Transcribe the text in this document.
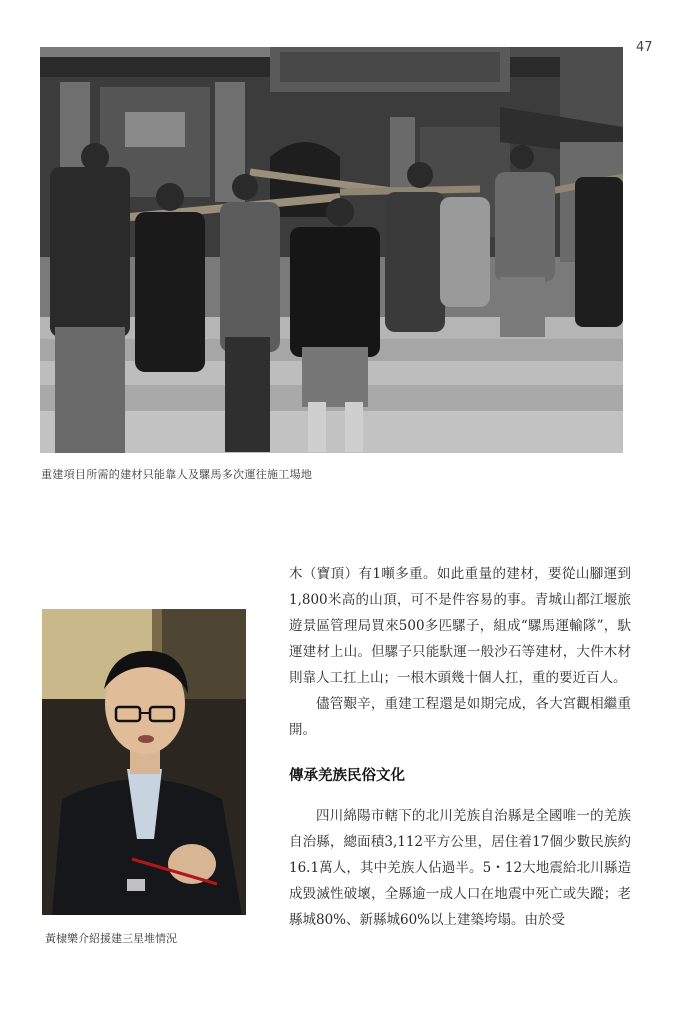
47
重建項目所需的建材只能靠人及騾馬多次運往施工場地
黃棣樂介紹援建三星堆情況

木（寶頂）有1噸多重。如此重量的建材，要從山腳運到1,800米高的山頂，可不是件容易的事。青城山都江堰旅遊景區管理局買來500多匹騾子，組成“騾馬運輸隊”，馱運建材上山。但騾子只能馱運一般沙石等建材，大件木材則靠人工扛上山；一根木頭幾十個人扛，重的要近百人。

儘管艱辛，重建工程還是如期完成，各大宮觀相繼重開。

傳承羌族民俗文化

四川綿陽市轄下的北川羌族自治縣是全國唯一的羌族自治縣，總面積3,112平方公里，居住着17個少數民族約16.1萬人，其中羌族人佔過半。5・12大地震給北川縣造成毀滅性破壞，全縣逾一成人口在地震中死亡或失蹤；老縣城80%、新縣城60%以上建築垮塌。由於受
